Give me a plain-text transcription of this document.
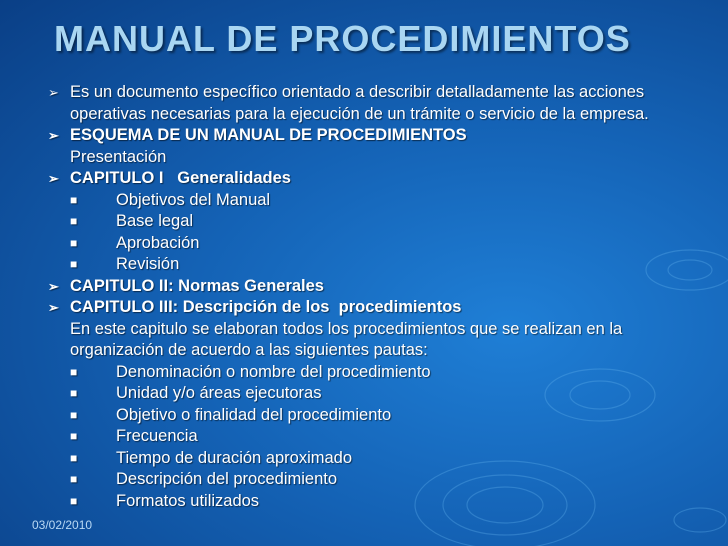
MANUAL DE PROCEDIMIENTOS
➢ Es un documento específico orientado a describir detalladamente las acciones operativas necesarias para la ejecución de un trámite o servicio de la empresa.
➢ ESQUEMA DE UN MANUAL DE PROCEDIMIENTOS
Presentación
➢ CAPITULO I   Generalidades
■ Objetivos del Manual
■ Base legal
■ Aprobación
■ Revisión
➢ CAPITULO II: Normas Generales
➢ CAPITULO III: Descripción de los  procedimientos
En este capitulo se elaboran todos los procedimientos que se realizan en la organización de acuerdo a las siguientes pautas:
■ Denominación o nombre del procedimiento
■ Unidad y/o áreas ejecutoras
■ Objetivo o finalidad del procedimiento
■ Frecuencia
■ Tiempo de duración aproximado
■ Descripción del procedimiento
■ Formatos utilizados
03/02/2010
